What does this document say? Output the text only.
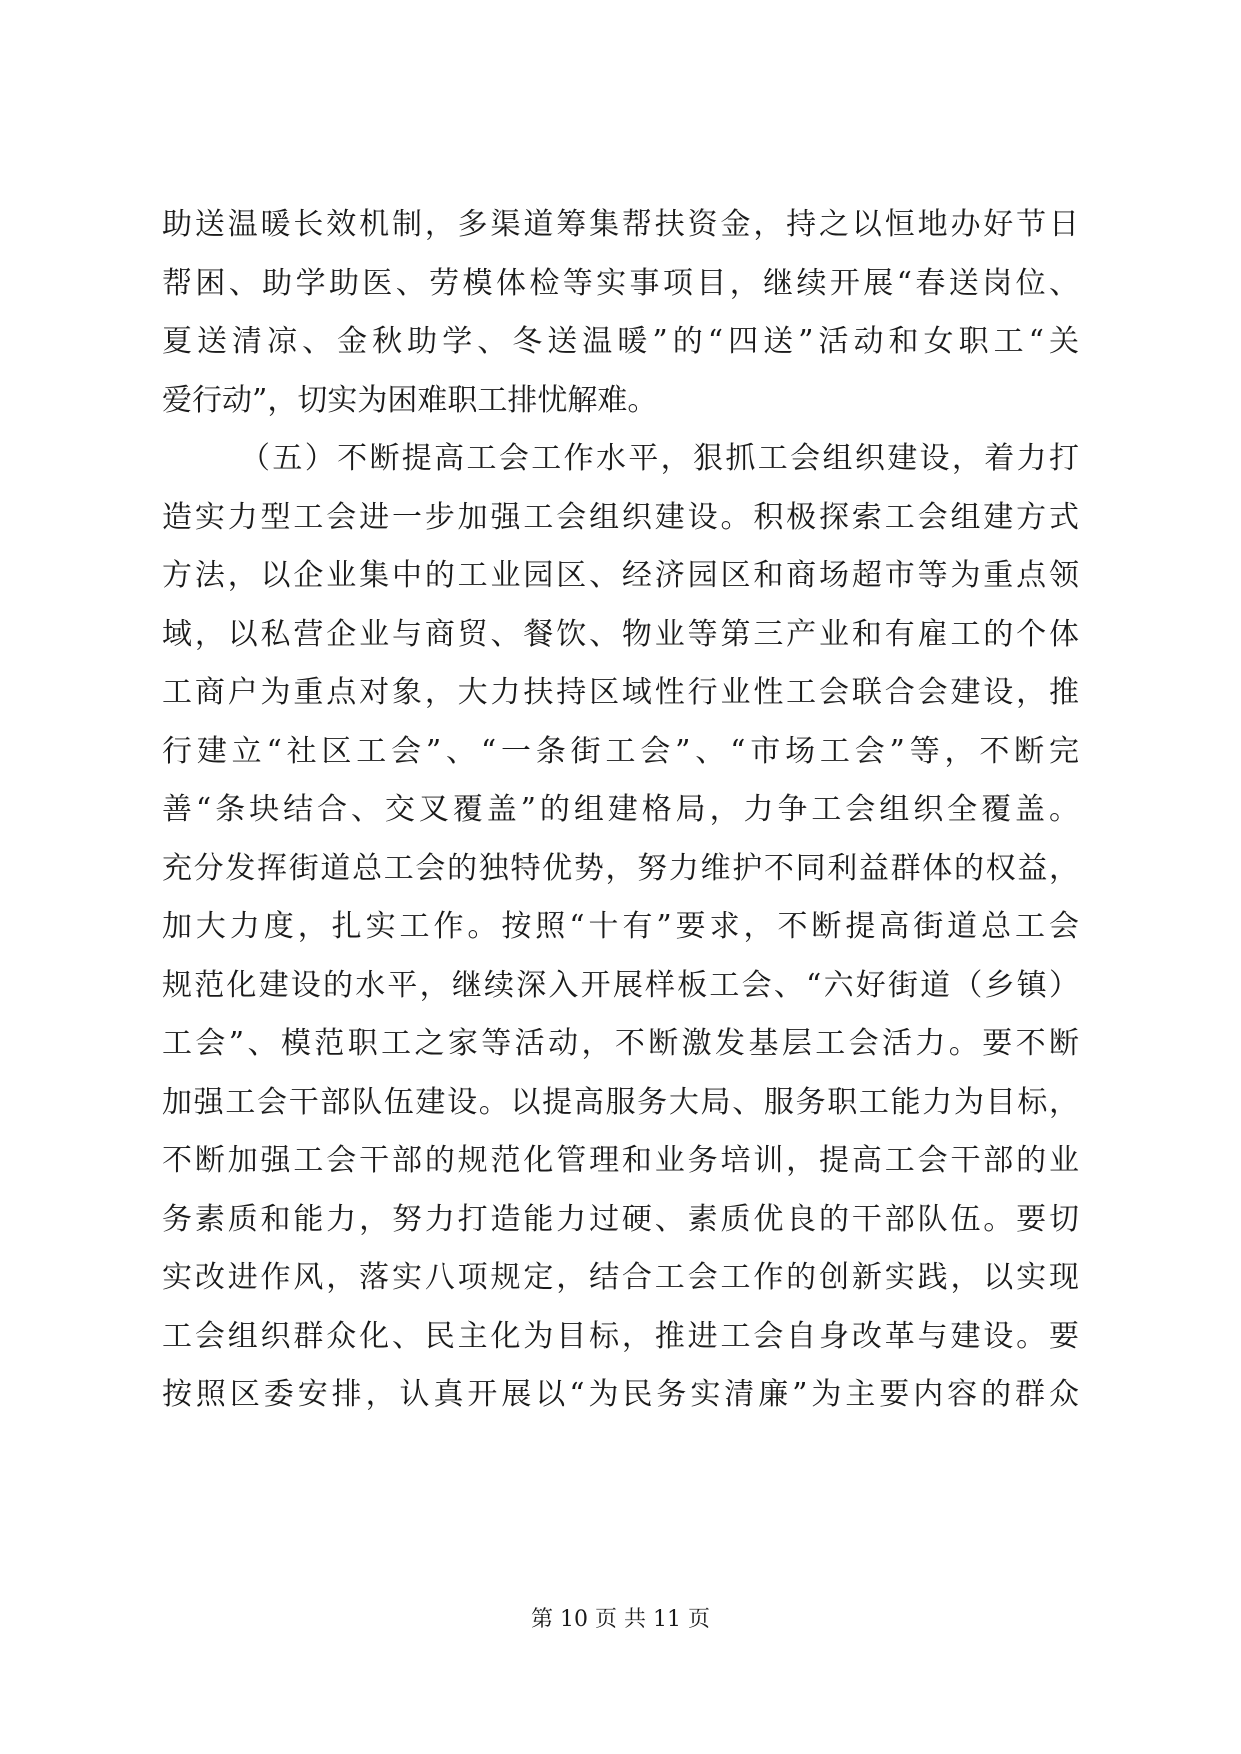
助送温暖长效机制，多渠道筹集帮扶资金，持之以恒地办好节日
帮困、助学助医、劳模体检等实事项目，继续开展“春送岗位、
夏送清凉、金秋助学、冬送温暖”的“四送”活动和女职工“关
爱行动”，切实为困难职工排忧解难。
（五）不断提高工会工作水平，狠抓工会组织建设，着力打
造实力型工会进一步加强工会组织建设。积极探索工会组建方式
方法，以企业集中的工业园区、经济园区和商场超市等为重点领
域，以私营企业与商贸、餐饮、物业等第三产业和有雇工的个体
工商户为重点对象，大力扶持区域性行业性工会联合会建设，推
行建立“社区工会”、“一条街工会”、“市场工会”等，不断完
善“条块结合、交叉覆盖”的组建格局，力争工会组织全覆盖。
充分发挥街道总工会的独特优势，努力维护不同利益群体的权益，
加大力度，扎实工作。按照“十有”要求，不断提高街道总工会
规范化建设的水平，继续深入开展样板工会、“六好街道（乡镇）
工会”、模范职工之家等活动，不断激发基层工会活力。要不断
加强工会干部队伍建设。以提高服务大局、服务职工能力为目标，
不断加强工会干部的规范化管理和业务培训，提高工会干部的业
务素质和能力，努力打造能力过硬、素质优良的干部队伍。要切
实改进作风，落实八项规定，结合工会工作的创新实践，以实现
工会组织群众化、民主化为目标，推进工会自身改革与建设。要
按照区委安排，认真开展以“为民务实清廉”为主要内容的群众
第 10 页 共 11 页
